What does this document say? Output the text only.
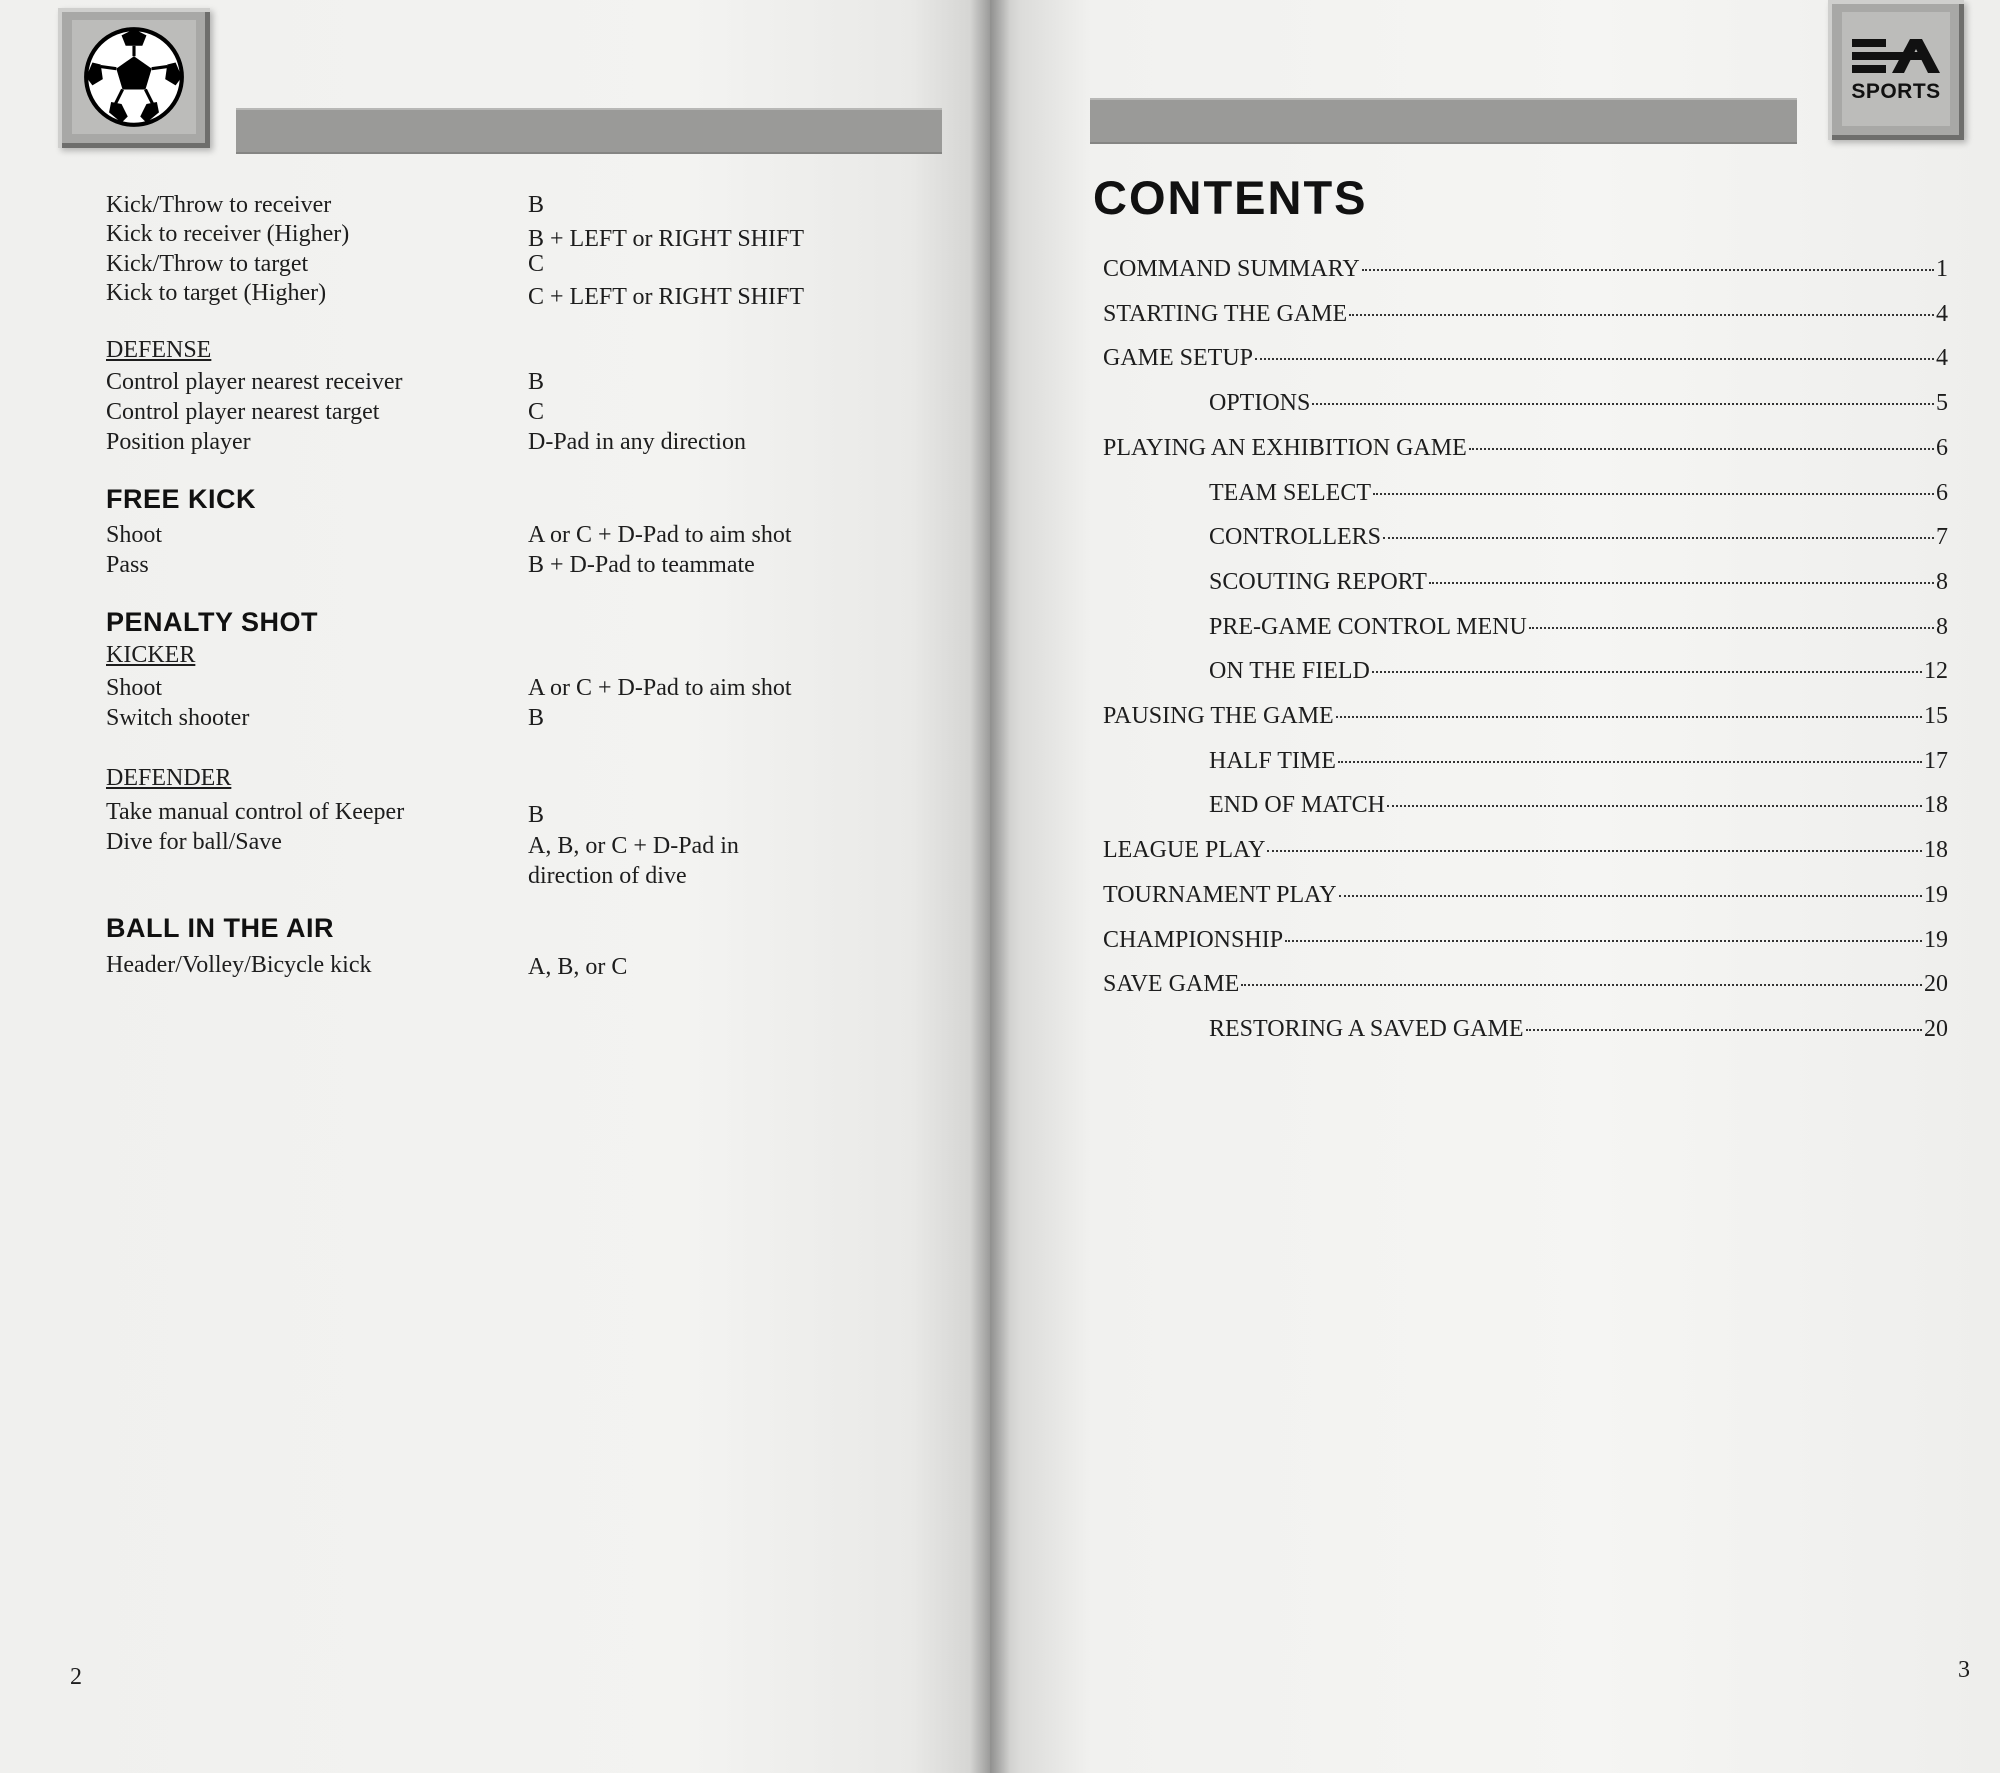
Kick/Throw to receiver	B
Kick to receiver (Higher)	B + LEFT or RIGHT SHIFT
Kick/Throw to target	C
Kick to target (Higher)	C + LEFT or RIGHT SHIFT
DEFENSE
Control player nearest receiver	B
Control player nearest target	C
Position player	D-Pad in any direction
FREE KICK
Shoot	A or C + D-Pad to aim shot
Pass	B + D-Pad to teammate
PENALTY SHOT
KICKER
Shoot	A or C + D-Pad to aim shot
Switch shooter	B
DEFENDER
Take manual control of Keeper	B
Dive for ball/Save	A, B, or C + D-Pad in
direction of dive
BALL IN THE AIR
Header/Volley/Bicycle kick	A, B, or C
2
SPORTS
CONTENTS
COMMAND SUMMARY	1
STARTING THE GAME	4
GAME SETUP	4
OPTIONS	5
PLAYING AN EXHIBITION GAME	6
TEAM SELECT	6
CONTROLLERS	7
SCOUTING REPORT	8
PRE-GAME CONTROL MENU	8
ON THE FIELD	12
PAUSING THE GAME	15
HALF TIME	17
END OF MATCH	18
LEAGUE PLAY	18
TOURNAMENT PLAY	19
CHAMPIONSHIP	19
SAVE GAME	20
RESTORING A SAVED GAME	20
3
